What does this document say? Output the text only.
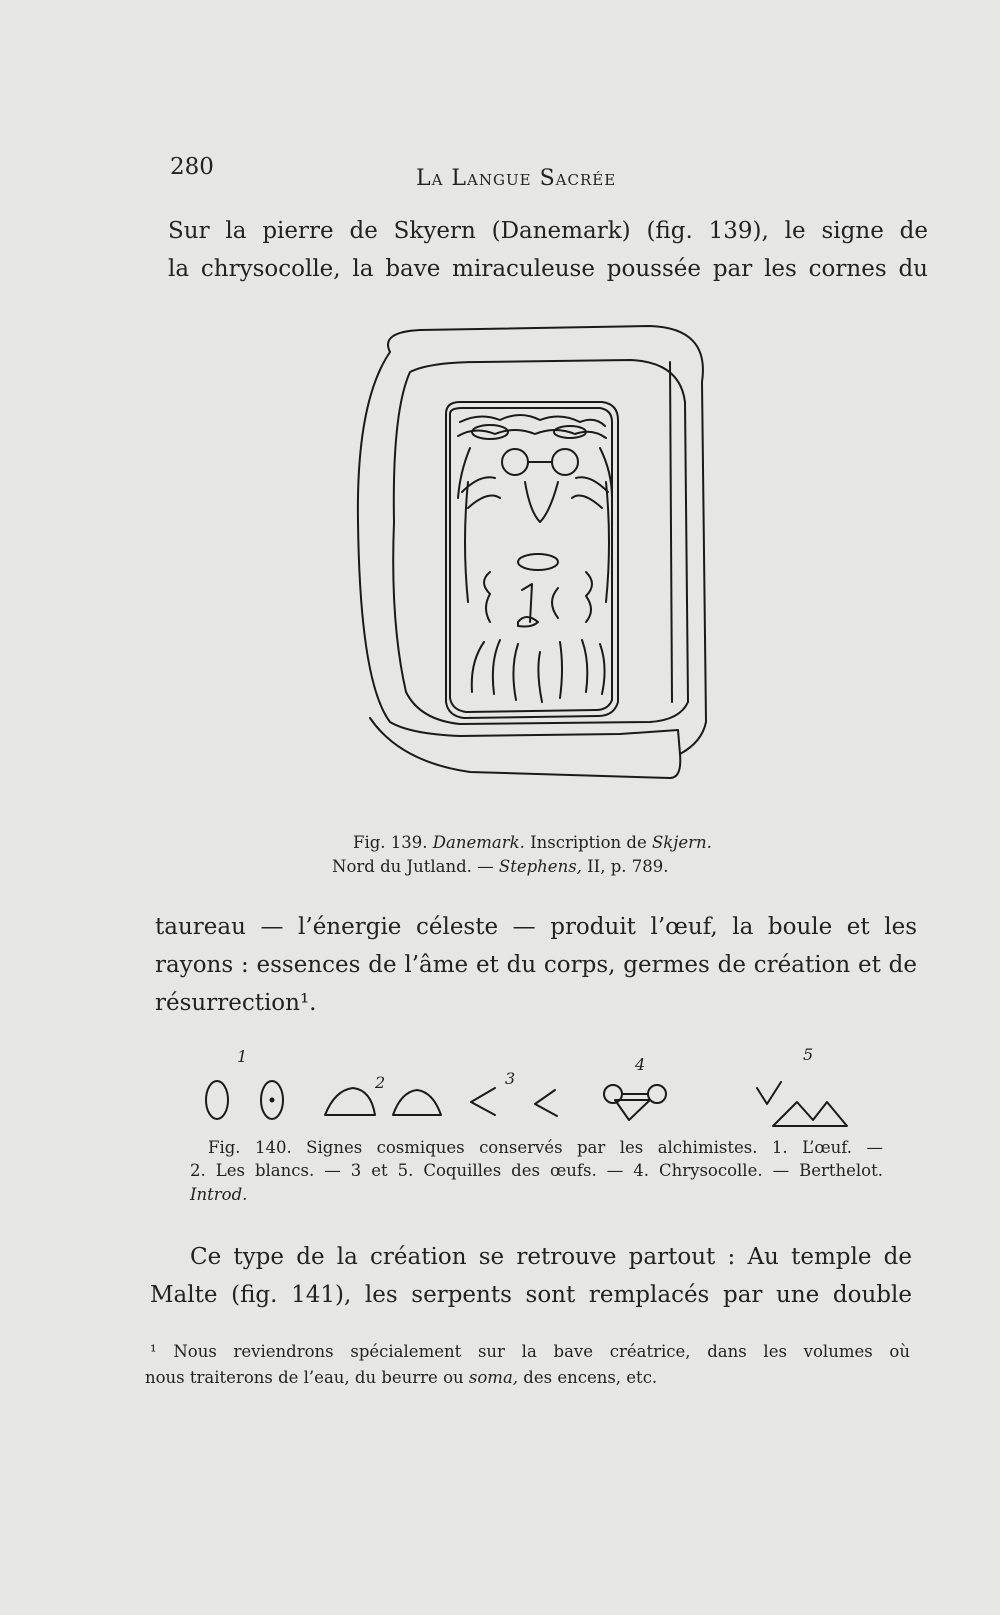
280	La Langue Sacrée
Sur la pierre de Skyern (Danemark) (fig. 139), le signe de
la chrysocolle, la bave miraculeuse poussée par les cornes du
Fig. 139. Danemark. Inscription de Skjern.
Nord du Jutland. — Stephens, II, p. 789.
taureau — l’énergie céleste — produit l’œuf, la boule et les
rayons : essences de l’âme et du corps, germes de création et de
résurrection¹.
1
2	3
4
5
Fig. 140. Signes cosmiques conservés par les alchimistes. 1. L’œuf. —
2. Les blancs. — 3 et 5. Coquilles des œufs. — 4. Chrysocolle. — Berthelot.
Introd.
Ce type de la création se retrouve partout : Au temple de
Malte (fig. 141), les serpents sont remplacés par une double
¹ Nous reviendrons spécialement sur la bave créatrice, dans les volumes où
nous traiterons de l’eau, du beurre ou soma, des encens, etc.
